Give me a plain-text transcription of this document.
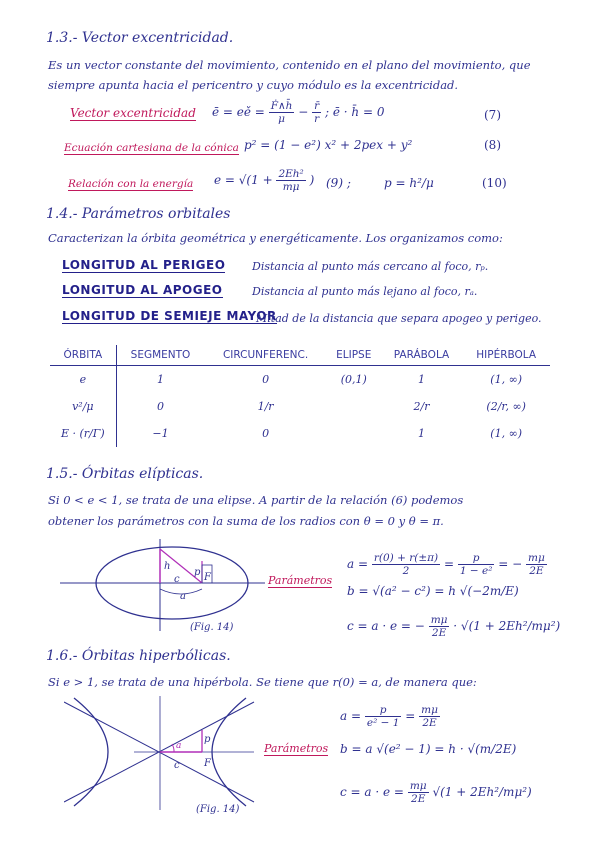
1.3.- Vector excentricidad.
Es un vector constante del movimiento, contenido en el plano del movimiento, que
siempre apunta hacia el pericentro y cuyo módulo es la excentricidad.
Vector excentricidad ē = eě = $\frac{\text{Ḟ∧h̄}}{\mu} - \frac{r̄}{r}$ ; ē · h̄ = 0	(7)
Ecuación cartesiana de la cónica p² = (1 − e²) x² + 2pex + y²	(8)
Relación con la energía $e = √(1 + \frac{\text{2Eh²}}{m\mu}$ ) (9) ;	p = h²/μ	(10)
1.4.- Parámetros orbitales
Caracterizan la órbita geométrica y energéticamente. Los organizamos como:
LONGITUD AL PERIGEO Distancia al punto más cercano al foco, rₚ.
LONGITUD AL APOGEO	Distancia al punto más lejano al foco, rₐ.
LONGITUD DE SEMIEJE MAYOR
Mitad de la distancia que separa apogeo y perigeo.
ÓRBITA	SEGMENTO	CIRCUNFERENC.	ELIPSE	PARÁBOLA	HIPÉRBOLA
e	1	0	(0,1)	1	(1, ∞)
v²/μ	0	1/r		2/r	(2/r, ∞)
E · (r/Γ)	−1	0		1	(1, ∞)
1.5.- Órbitas elípticas.
Si 0 < e < 1, se trata de una elipse. A partir de la relación (6) podemos
obtener los parámetros con la suma de los radios con θ = 0 y θ = π.
h
p
c F
a
(Fig. 14)
Parámetros
$a = \frac{r(0) + r(\pm\pi)}{2} = \frac{p}{\text{1 − e²}}$ = − $\frac{m\mu}{2E}$
b = √(a² − c²) = h √(−2m/E)
c = a · e = − $\frac{m\mu}{2E} \cdot √(1 + 2Eh^2/m\mu^2)$
1.6.- Órbitas hiperbólicas.
Si e > 1, se trata de una hipérbola. Se tiene que r(0) = a, de manera que:
c F
a
p
(Fig. 14)
Parámetros
$a = \frac{p}{\text{e² − 1}} = \frac{m\mu}{2E}$
b = a √(e² − 1) = h · √(m/2E)
$c = a \cdot e = \frac{m\mu}{2E} √(1 + 2Eh^2/m\mu^2)$
